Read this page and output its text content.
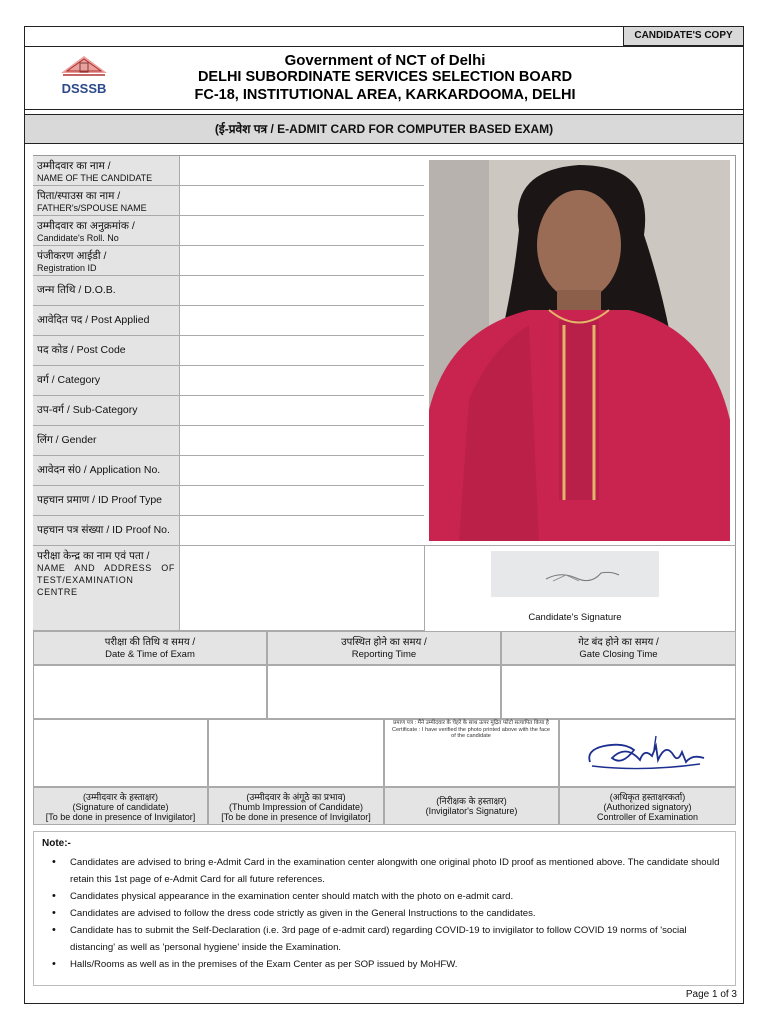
CANDIDATE'S COPY
DSSSB
Government of NCT of Delhi
DELHI SUBORDINATE SERVICES SELECTION BOARD
FC-18, INSTITUTIONAL AREA, KARKARDOOMA, DELHI
(ई-प्रवेश पत्र / E-ADMIT CARD FOR COMPUTER BASED EXAM)
उम्मीदवार का नाम /
NAME OF THE CANDIDATE
पिता/स्पाउस का नाम /
FATHER's/SPOUSE NAME
उम्मीदवार का अनुक्रमांक /
Candidate's Roll. No
पंजीकरण आईडी /
Registration ID
जन्म तिथि / D.O.B.
आवेदित पद / Post Applied
पद कोड / Post Code
वर्ग / Category
उप-वर्ग / Sub-Category
लिंग / Gender
आवेदन सं0 / Application No.
पहचान प्रमाण / ID Proof Type
पहचान पत्र संख्या / ID Proof No.
परीक्षा केन्द्र का नाम एवं पता /
NAME AND ADDRESS OF TEST/EXAMINATION CENTRE
Candidate's Signature
परीक्षा की तिथि व समय /
Date & Time of Exam
उपस्थित होने का समय /
Reporting Time
गेट बंद होने का समय /
Gate Closing Time
प्रमाण पत्र : मैंने उम्मीदवार के चेहरे के साथ ऊपर मुद्रित फोटो सत्यापित किया है
Certificate : I have verified the photo printed above with the face of the candidate
(उम्मीदवार के हस्ताक्षर)
(Signature of candidate)
[To be done in presence of Invigilator]
(उम्मीदवार के अंगूठे का प्रभाव)
(Thumb Impression of Candidate)
[To be done in presence of Invigilator]
(निरीक्षक के हस्ताक्षर)
(Invigilator's Signature)
(अधिकृत हस्ताक्षरकर्ता)
(Authorized signatory)
Controller of Examination
Note:-
• Candidates are advised to bring e-Admit Card in the examination center alongwith one original photo ID proof as mentioned above. The candidate should retain this 1st page of e-Admit Card for all future references.
• Candidates physical appearance in the examination center should match with the photo on e-admit card.
• Candidates are advised to follow the dress code strictly as given in the General Instructions to the candidates.
• Candidate has to submit the Self-Declaration (i.e. 3rd page of e-admit card) regarding COVID-19 to invigilator to follow COVID 19 norms of 'social distancing' as well as 'personal hygiene' inside the Examination.
• Halls/Rooms as well as in the premises of the Exam Center as per SOP issued by MoHFW.
Page 1 of 3
